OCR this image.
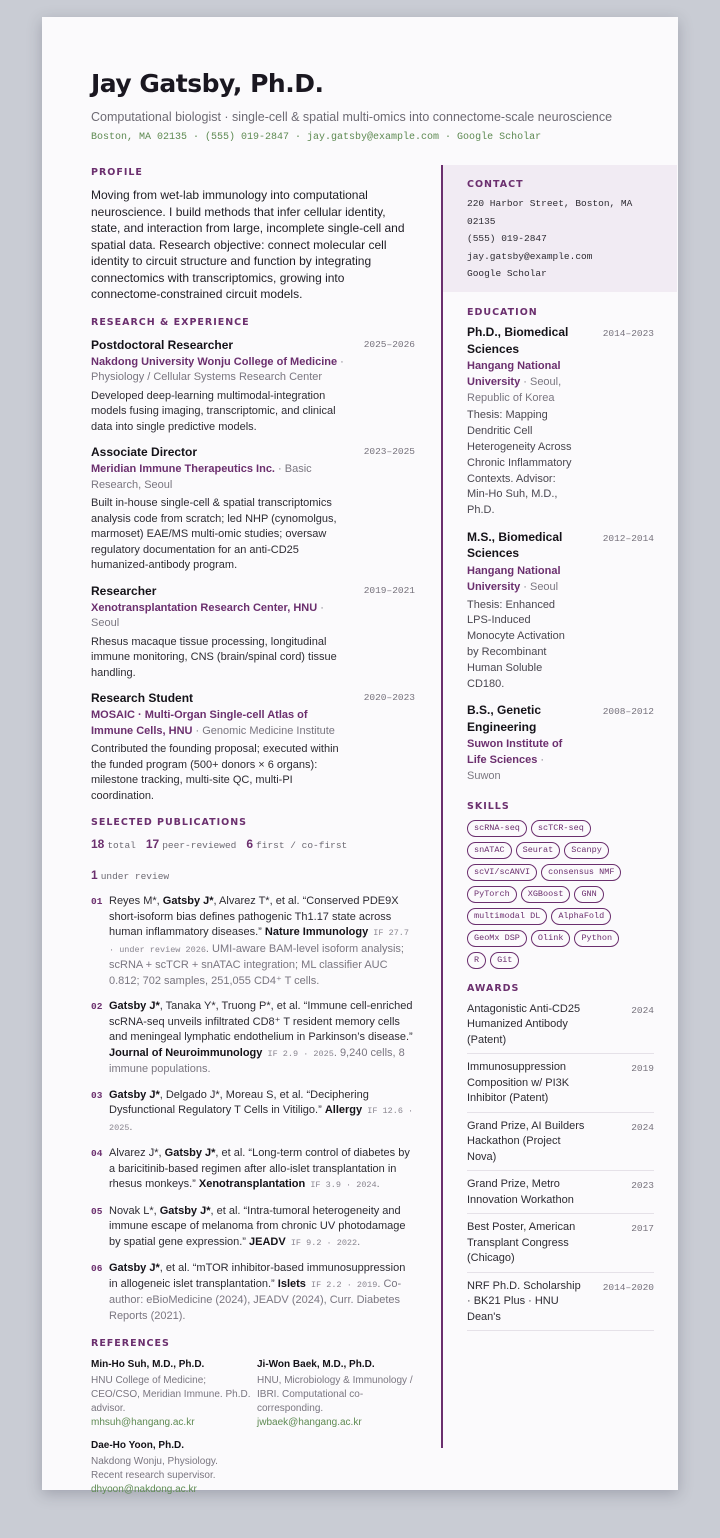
Jay Gatsby, Ph.D.
Computational biologist · single-cell & spatial multi-omics into connectome-scale neuroscience
Boston, MA 02135 · (555) 019-2847 · jay.gatsby@example.com · Google Scholar
PROFILE
Moving from wet-lab immunology into computational neuroscience. I build methods that infer cellular identity, state, and interaction from large, incomplete single-cell and spatial data. Research objective: connect molecular cell identity to circuit structure and function by integrating connectomics with transcriptomics, growing into connectome-constrained circuit models.
RESEARCH & EXPERIENCE
Postdoctoral Researcher	2025–2026
Nakdong University Wonju College of Medicine · Physiology / Cellular Systems Research Center
Developed deep-learning multimodal-integration models fusing imaging, transcriptomic, and clinical data into single predictive models.
Associate Director	2023–2025
Meridian Immune Therapeutics Inc. · Basic Research, Seoul
Built in-house single-cell & spatial transcriptomics analysis code from scratch; led NHP (cynomolgus, marmoset) EAE/MS multi-omic studies; oversaw regulatory documentation for an anti-CD25 humanized-antibody program.
Researcher	2019–2021
Xenotransplantation Research Center, HNU · Seoul
Rhesus macaque tissue processing, longitudinal immune monitoring, CNS (brain/spinal cord) tissue handling.
Research Student	2020–2023
MOSAIC · Multi-Organ Single-cell Atlas of Immune Cells, HNU · Genomic Medicine Institute
Contributed the founding proposal; executed within the funded program (500+ donors × 6 organs): milestone tracking, multi-site QC, multi-PI coordination.
SELECTED PUBLICATIONS
18 total 17 peer-reviewed 6 first / co-first
1 under review
01 Reyes M*, Gatsby J*, Alvarez T*, et al. “Conserved PDE9X short-isoform bias defines pathogenic Th1.17 state across human inflammatory diseases.” Nature Immunology IF 27.7 · under review 2026. UMI-aware BAM-level isoform analysis; scRNA + scTCR + snATAC integration; ML classifier AUC 0.812; 702 samples, 251,055 CD4⁺ T cells.
02 Gatsby J*, Tanaka Y*, Truong P*, et al. “Immune cell-enriched scRNA-seq unveils infiltrated CD8⁺ T resident memory cells and meningeal lymphatic endothelium in Parkinson’s disease.” Journal of Neuroimmunology IF 2.9 · 2025. 9,240 cells, 8 immune populations.
03 Gatsby J*, Delgado J*, Moreau S, et al. “Deciphering Dysfunctional Regulatory T Cells in Vitiligo.” Allergy IF 12.6 · 2025.
04 Alvarez J*, Gatsby J*, et al. “Long-term control of diabetes by a baricitinib-based regimen after allo-islet transplantation in rhesus monkeys.” Xenotransplantation IF 3.9 · 2024.
05 Novak L*, Gatsby J*, et al. “Intra-tumoral heterogeneity and immune escape of melanoma from chronic UV photodamage by spatial gene expression.” JEADV IF 9.2 · 2022.
06 Gatsby J*, et al. “mTOR inhibitor-based immunosuppression in allogeneic islet transplantation.” Islets IF 2.2 · 2019. Co-author: eBioMedicine (2024), JEADV (2024), Curr. Diabetes Reports (2021).
REFERENCES
Min-Ho Suh, M.D., Ph.D.
HNU College of Medicine; CEO/CSO, Meridian Immune. Ph.D. advisor.
mhsuh@hangang.ac.kr
Ji-Won Baek, M.D., Ph.D.
HNU, Microbiology & Immunology / IBRI. Computational co-corresponding.
jwbaek@hangang.ac.kr
Dae-Ho Yoon, Ph.D.
Nakdong Wonju, Physiology. Recent research supervisor.
dhyoon@nakdong.ac.kr
CONTACT
220 Harbor Street, Boston, MA 02135
(555) 019-2847
jay.gatsby@example.com
Google Scholar
EDUCATION
Ph.D., Biomedical Sciences
2014–2023
Hangang National University · Seoul, Republic of Korea
Thesis: Mapping Dendritic Cell Heterogeneity Across Chronic Inflammatory Contexts. Advisor: Min-Ho Suh, M.D., Ph.D.
M.S., Biomedical Sciences
2012–2014
Hangang National University · Seoul
Thesis: Enhanced LPS-Induced Monocyte Activation by Recombinant Human Soluble CD180.
B.S., Genetic Engineering
2008–2012
Suwon Institute of Life Sciences · Suwon
SKILLS
scRNA-seq	scTCR-seq
snATAC	Seurat	Scanpy
scVI/scANVI	consensus NMF
PyTorch	XGBoost	GNN
multimodal DL	AlphaFold
GeoMx DSP	Olink	Python
R	Git
AWARDS
Antagonistic Anti-CD25 Humanized Antibody (Patent)
2024
Immunosuppression Composition w/ PI3K Inhibitor (Patent)
2019
Grand Prize, AI Builders Hackathon (Project Nova)
2024
Grand Prize, Metro Innovation Workathon
2023
Best Poster, American Transplant Congress (Chicago)
2017
NRF Ph.D. Scholarship · BK21 Plus · HNU Dean's
2014–2020
